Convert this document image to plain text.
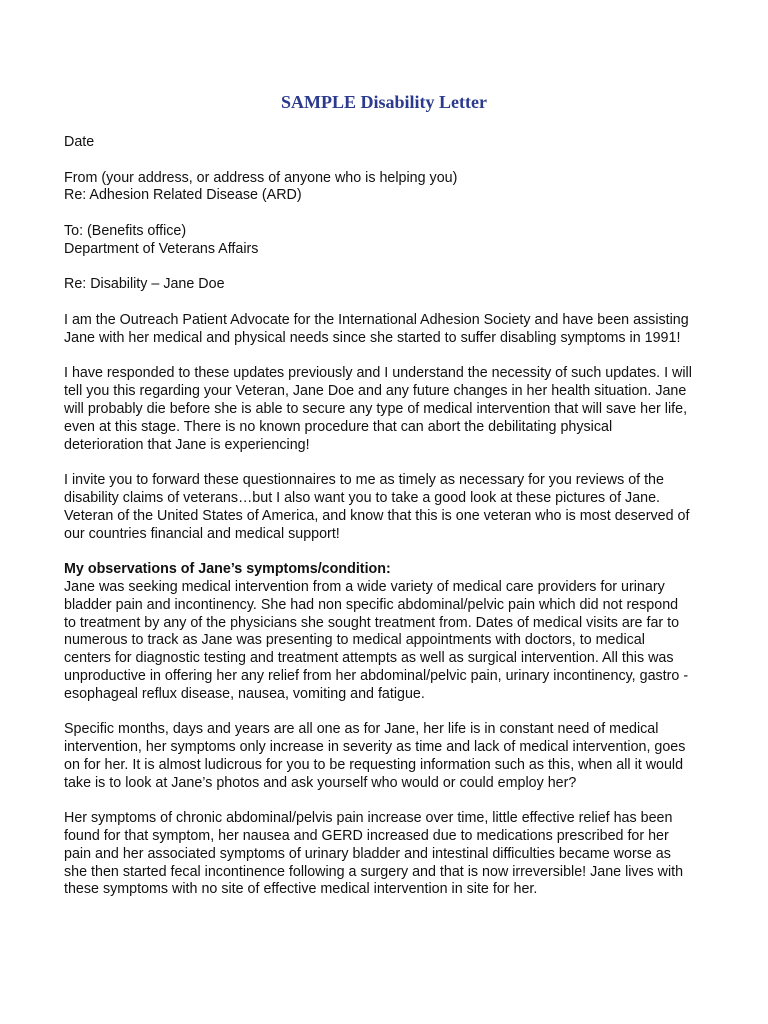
SAMPLE Disability Letter

Date

From (your address, or address of anyone who is helping you)
Re: Adhesion Related Disease (ARD)

To: (Benefits office)
Department of Veterans Affairs

Re: Disability – Jane Doe

I am the Outreach Patient Advocate for the International Adhesion Society and have been assisting
Jane with her medical and physical needs since she started to suffer disabling symptoms in 1991!

I have responded to these updates previously and I understand the necessity of such updates. I will
tell you this regarding your Veteran, Jane Doe and any future changes in her health situation. Jane
will probably die before she is able to secure any type of medical intervention that will save her life,
even at this stage. There is no known procedure that can abort the debilitating physical
deterioration that Jane is experiencing!

I invite you to forward these questionnaires to me as timely as necessary for you reviews of the
disability claims of veterans…but I also want you to take a good look at these pictures of Jane.
Veteran of the United States of America, and know that this is one veteran who is most deserved of
our countries financial and medical support!

My observations of Jane’s symptoms/condition:

Jane was seeking medical intervention from a wide variety of medical care providers for urinary
bladder pain and incontinency. She had non specific abdominal/pelvic pain which did not respond
to treatment by any of the physicians she sought treatment from. Dates of medical visits are far to
numerous to track as Jane was presenting to medical appointments with doctors, to medical
centers for diagnostic testing and treatment attempts as well as surgical intervention. All this was
unproductive in offering her any relief from her abdominal/pelvic pain, urinary incontinency, gastro -
esophageal reflux disease, nausea, vomiting and fatigue.

Specific months, days and years are all one as for Jane, her life is in constant need of medical
intervention, her symptoms only increase in severity as time and lack of medical intervention, goes
on for her. It is almost ludicrous for you to be requesting information such as this, when all it would
take is to look at Jane’s photos and ask yourself who would or could employ her?

Her symptoms of chronic abdominal/pelvis pain increase over time, little effective relief has been
found for that symptom, her nausea and GERD increased due to medications prescribed for her
pain and her associated symptoms of urinary bladder and intestinal difficulties became worse as
she then started fecal incontinence following a surgery and that is now irreversible! Jane lives with
these symptoms with no site of effective medical intervention in site for her.
